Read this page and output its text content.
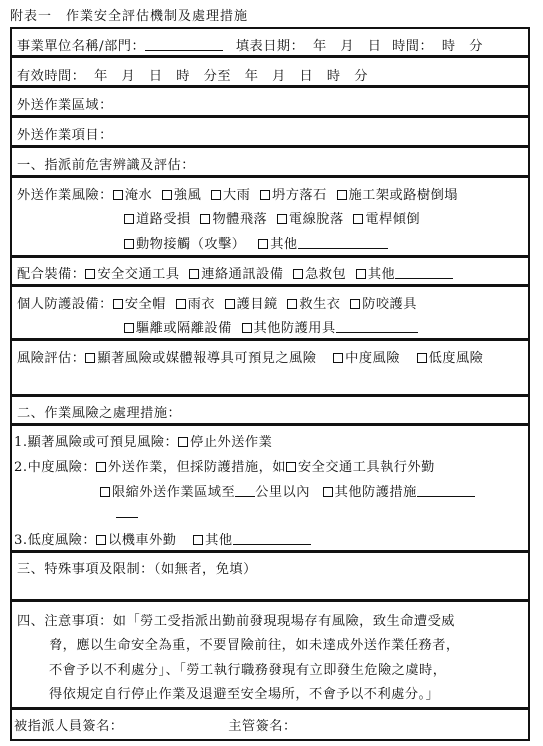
附表一　作業安全評估機制及處理措施
事業單位名稱/部門：	填表日期： 年　月　日 時間： 時　分
有效時間： 年　月　日　時　分至　年　月　日　時　分
外送作業區域：
外送作業項目：
一、指派前危害辨識及評估：
外送作業風險： 淹水 強風 大雨 坍方落石 施工架或路樹倒塌
道路受損 物體飛落 電線脫落 電桿傾倒
動物接觸（攻擊） 其他
配合裝備： 安全交通工具 連絡通訊設備 急救包 其他
個人防護設備： 安全帽 雨衣 護目鏡 救生衣 防咬護具
驅離或隔離設備 其他防護用具
風險評估： 顯著風險或媒體報導具可預見之風險 中度風險 低度風險
二、作業風險之處理措施：
1.顯著風險或可預見風險： 停止外送作業
2.中度風險： 外送作業，但採防護措施，如 安全交通工具執行外勤
限縮外送作業區域至 公里以內 其他防護措施
3.低度風險： 以機車外勤 其他
三、特殊事項及限制：（如無者，免填）
四、注意事項：如「勞工受指派出勤前發現現場存有風險，致生命遭受威
脅，應以生命安全為重，不要冒險前往，如未達成外送作業任務者，
不會予以不利處分」、「勞工執行職務發現有立即發生危險之虞時，
得依規定自行停止作業及退避至安全場所，不會予以不利處分。」
被指派人員簽名：	主管簽名：
